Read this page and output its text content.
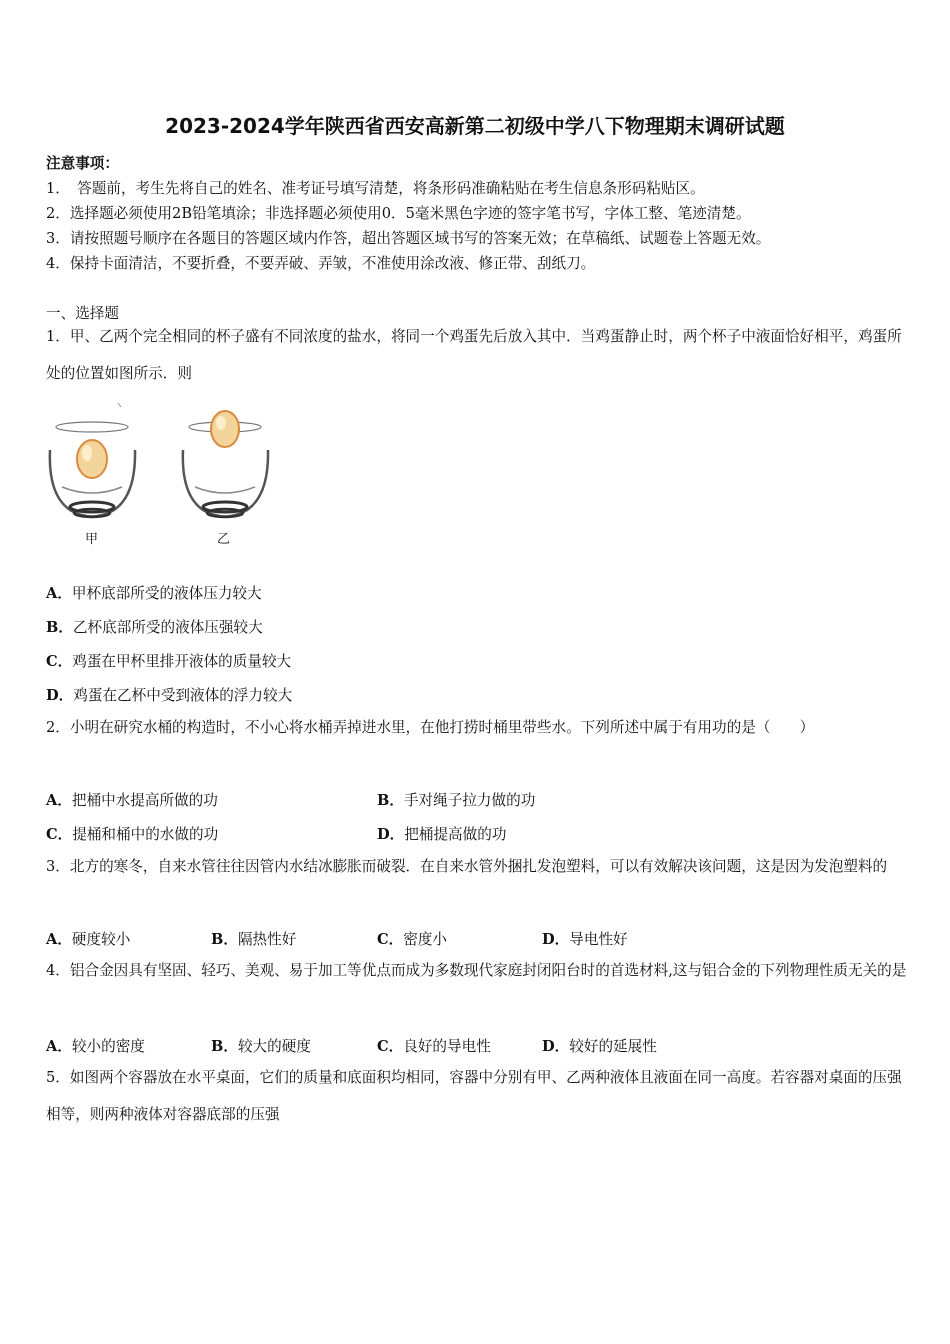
2023-2024学年陕西省西安高新第二初级中学八下物理期末调研试题
注意事项：
1．　答题前，考生先将自己的姓名、准考证号填写清楚，将条形码准确粘贴在考生信息条形码粘贴区。
2．选择题必须使用2B铅笔填涂；非选择题必须使用0．5毫米黑色字迹的签字笔书写，字体工整、笔迹清楚。
3．请按照题号顺序在各题目的答题区域内作答，超出答题区域书写的答案无效；在草稿纸、试题卷上答题无效。
4．保持卡面清洁，不要折叠，不要弄破、弄皱，不准使用涂改液、修正带、刮纸刀。
一、选择题
1．甲、乙两个完全相同的杯子盛有不同浓度的盐水，将同一个鸡蛋先后放入其中．当鸡蛋静止时，两个杯子中液面恰好相平，鸡蛋所处的位置如图所示．则
甲	乙
A．甲杯底部所受的液体压力较大
B．乙杯底部所受的液体压强较大
C．鸡蛋在甲杯里排开液体的质量较大
D．鸡蛋在乙杯中受到液体的浮力较大
2．小明在研究水桶的构造时，不小心将水桶弄掉进水里，在他打捞时桶里带些水。下列所述中属于有用功的是（　　）
A．把桶中水提高所做的功	B．手对绳子拉力做的功
C．提桶和桶中的水做的功	D．把桶提高做的功
3．北方的寒冬，自来水管往往因管内水结冰膨胀而破裂．在自来水管外捆扎发泡塑料，可以有效解决该问题，这是因为发泡塑料的
A．硬度较小	B．隔热性好	C．密度小	D．导电性好
4．铝合金因具有坚固、轻巧、美观、易于加工等优点而成为多数现代家庭封闭阳台时的首选材料,这与铝合金的下列物理性质无关的是
A．较小的密度	B．较大的硬度	C．良好的导电性	D．较好的延展性
5．如图两个容器放在水平桌面，它们的质量和底面积均相同，容器中分别有甲、乙两种液体且液面在同一高度。若容器对桌面的压强相等，则两种液体对容器底部的压强
